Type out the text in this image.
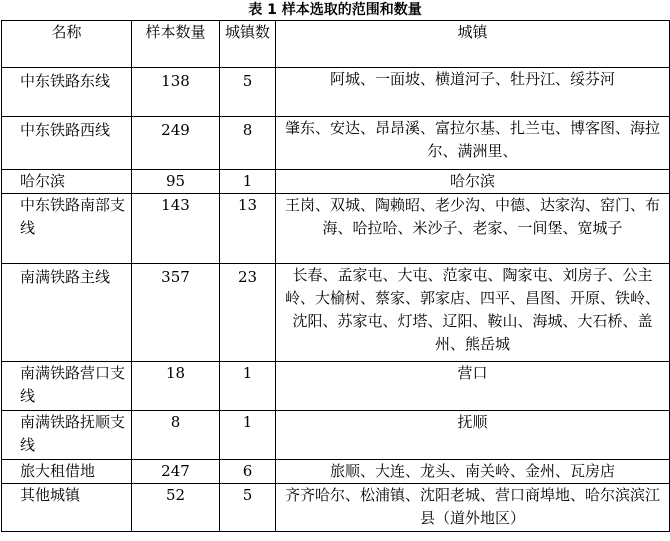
表 1 样本选取的范围和数量
名称	样本数量	城镇数	城镇
中东铁路东线	138	5	阿城、一面坡、横道河子、牡丹江、绥芬河
中东铁路西线	249	8	肇东、安达、昂昂溪、富拉尔基、扎兰屯、博客图、海拉尔、满洲里、
哈尔滨	95	1	哈尔滨
中东铁路南部支线	143	13	王岗、双城、陶赖昭、老少沟、中德、达家沟、窑门、布海、哈拉哈、米沙子、老家、一间堡、宽城子
南满铁路主线	357	23	长春、孟家屯、大屯、范家屯、陶家屯、刘房子、公主岭、大榆树、蔡家、郭家店、四平、昌图、开原、铁岭、沈阳、苏家屯、灯塔、辽阳、鞍山、海城、大石桥、盖州、熊岳城
南满铁路营口支线	18	1	营口
南满铁路抚顺支线	8	1	抚顺
旅大租借地	247	6	旅顺、大连、龙头、南关岭、金州、瓦房店
其他城镇	52	5	齐齐哈尔、松浦镇、沈阳老城、营口商埠地、哈尔滨滨江县（道外地区）
